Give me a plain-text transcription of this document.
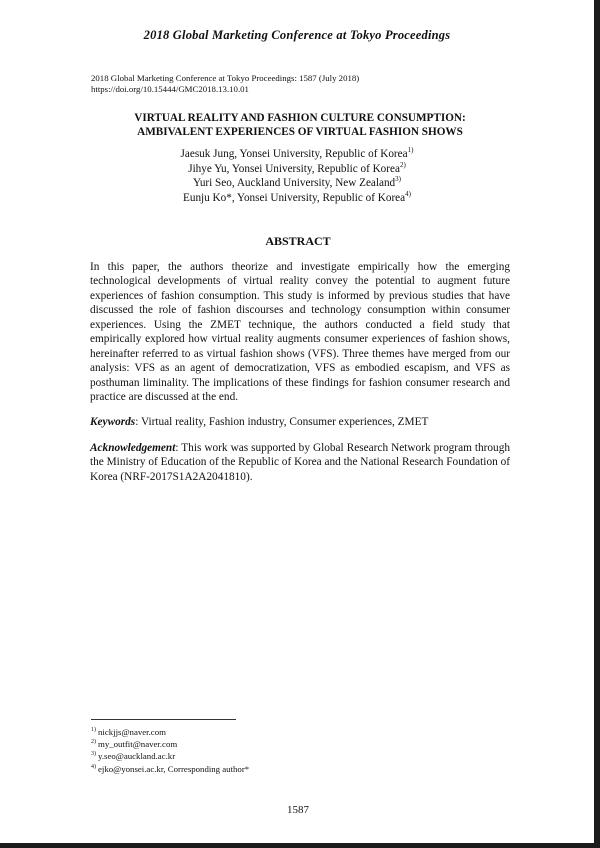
2018 Global Marketing Conference at Tokyo Proceedings
2018 Global Marketing Conference at Tokyo Proceedings: 1587 (July 2018)
https://doi.org/10.15444/GMC2018.13.10.01
VIRTUAL REALITY AND FASHION CULTURE CONSUMPTION:
AMBIVALENT EXPERIENCES OF VIRTUAL FASHION SHOWS
Jaesuk Jung, Yonsei University, Republic of Korea$^{1)}$
Jihye Yu, Yonsei University, Republic of Korea$^{2)}$
Yuri Seo, Auckland University, New Zealand$^{3)}$
Eunju Ko*, Yonsei University, Republic of Korea$^{4)}$
ABSTRACT

In this paper, the authors theorize and investigate empirically how the emerging technological developments of virtual reality convey the potential to augment future experiences of fashion consumption. This study is informed by previous studies that have discussed the role of fashion discourses and technology consumption within consumer experiences. Using the ZMET technique, the authors conducted a field study that empirically explored how virtual reality augments consumer experiences of fashion shows, hereinafter referred to as virtual fashion shows (VFS). Three themes have merged from our analysis: VFS as an agent of democratization, VFS as embodied escapism, and VFS as posthuman liminality. The implications of these findings for fashion consumer research and practice are discussed at the end.

Keywords: Virtual reality, Fashion industry, Consumer experiences, ZMET

Acknowledgement: This work was supported by Global Research Network program through the Ministry of Education of the Republic of Korea and the National Research Foundation of Korea (NRF-2017S1A2A2041810).

$^{1)}$ nickjjs@naver.com
$^{2)}$ my_outfit@naver.com
$^{3)}$ y.seo@auckland.ac.kr
$^{4)}$ ejko@yonsei.ac.kr, Corresponding author*
1587
